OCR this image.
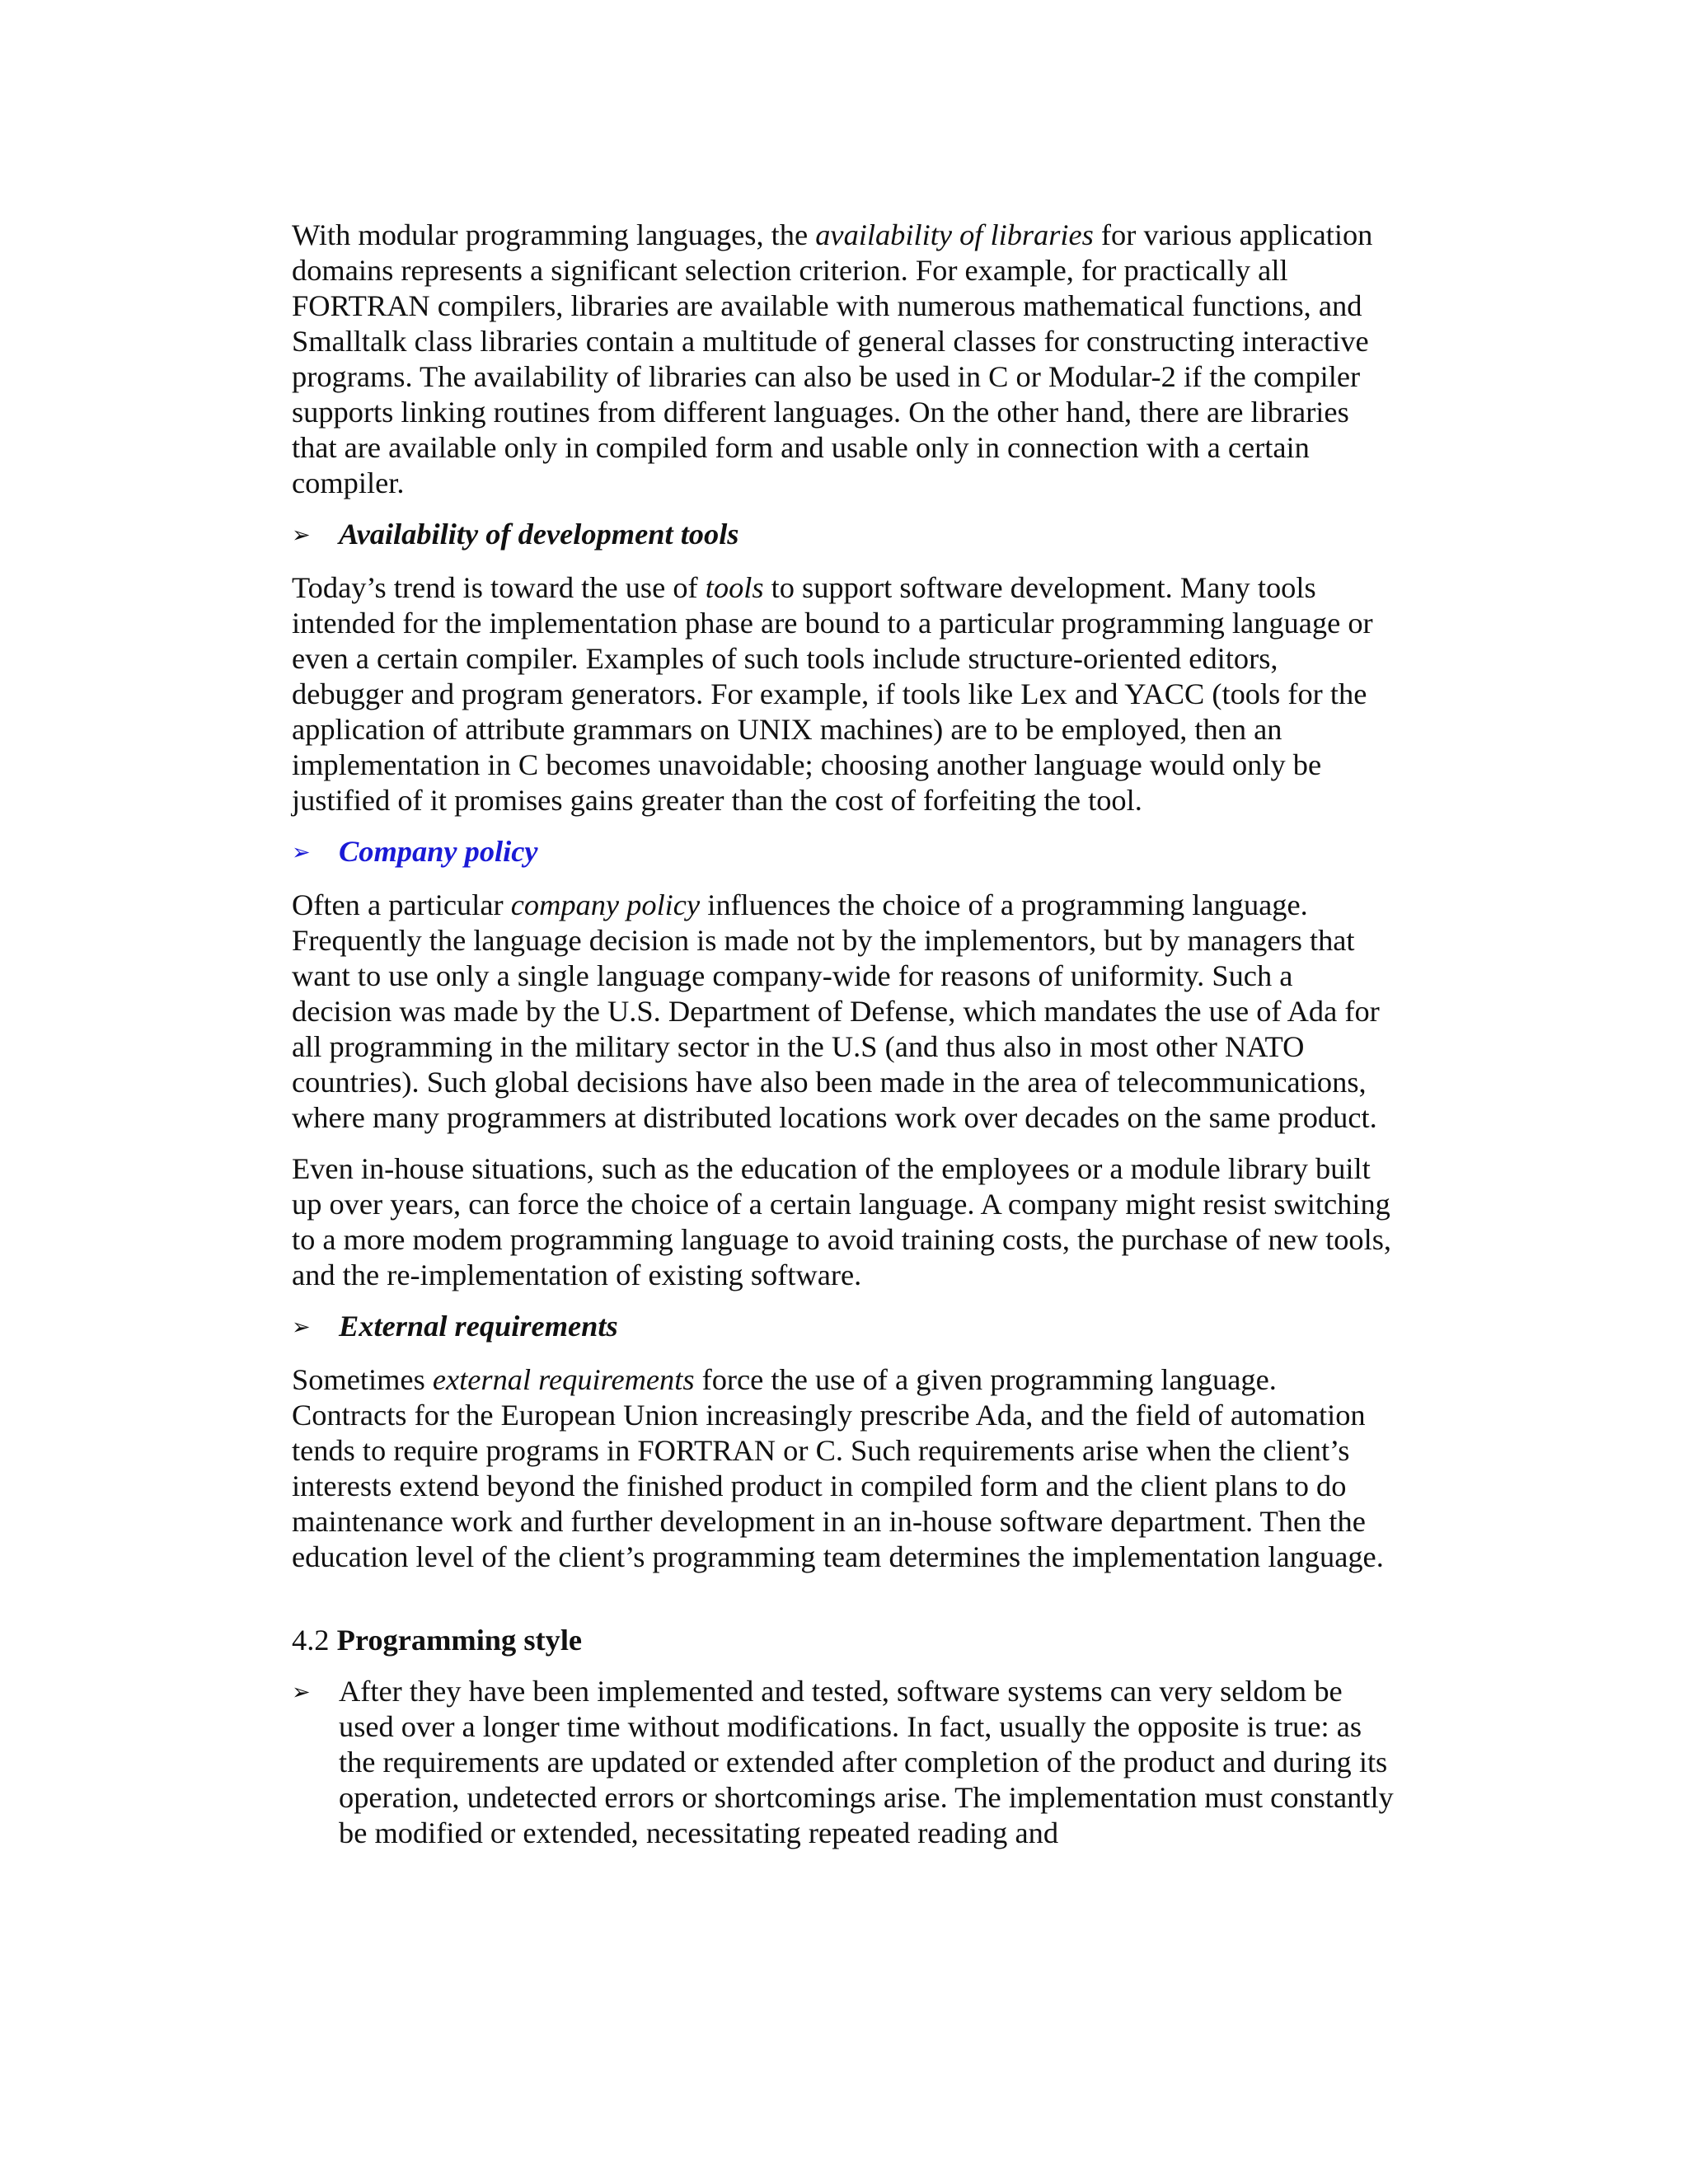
With modular programming languages, the availability of libraries for various application domains represents a significant selection criterion. For example, for practically all FORTRAN compilers, libraries are available with numerous mathematical functions, and Smalltalk class libraries contain a multitude of general classes for constructing interactive programs. The availability of libraries can also be used in C or Modular-2 if the compiler supports linking routines from different languages. On the other hand, there are libraries that are available only in compiled form and usable only in connection with a certain compiler.

➢ Availability of development tools

Today’s trend is toward the use of tools to support software development. Many tools intended for the implementation phase are bound to a particular programming language or even a certain compiler. Examples of such tools include structure-oriented editors, debugger and program generators. For example, if tools like Lex and YACC (tools for the application of attribute grammars on UNIX machines) are to be employed, then an implementation in C becomes unavoidable; choosing another language would only be justified of it promises gains greater than the cost of forfeiting the tool.

➢ Company policy

Often a particular company policy influences the choice of a programming language. Frequently the language decision is made not by the implementors, but by managers that want to use only a single language company-wide for reasons of uniformity. Such a decision was made by the U.S. Department of Defense, which mandates the use of Ada for all programming in the military sector in the U.S (and thus also in most other NATO countries). Such global decisions have also been made in the area of telecommunications, where many programmers at distributed locations work over decades on the same product.

Even in-house situations, such as the education of the employees or a module library built up over years, can force the choice of a certain language. A company might resist switching to a more modem programming language to avoid training costs, the purchase of new tools, and the re-implementation of existing software.

➢ External requirements

Sometimes external requirements force the use of a given programming language. Contracts for the European Union increasingly prescribe Ada, and the field of automation tends to require programs in FORTRAN or C. Such requirements arise when the client’s interests extend beyond the finished product in compiled form and the client plans to do maintenance work and further development in an in-house software department. Then the education level of the client’s programming team determines the implementation language.

4.2 Programming style

➢ After they have been implemented and tested, software systems can very seldom be used over a longer time without modifications. In fact, usually the opposite is true: as the requirements are updated or extended after completion of the product and during its operation, undetected errors or shortcomings arise. The implementation must constantly be modified or extended, necessitating repeated reading and
